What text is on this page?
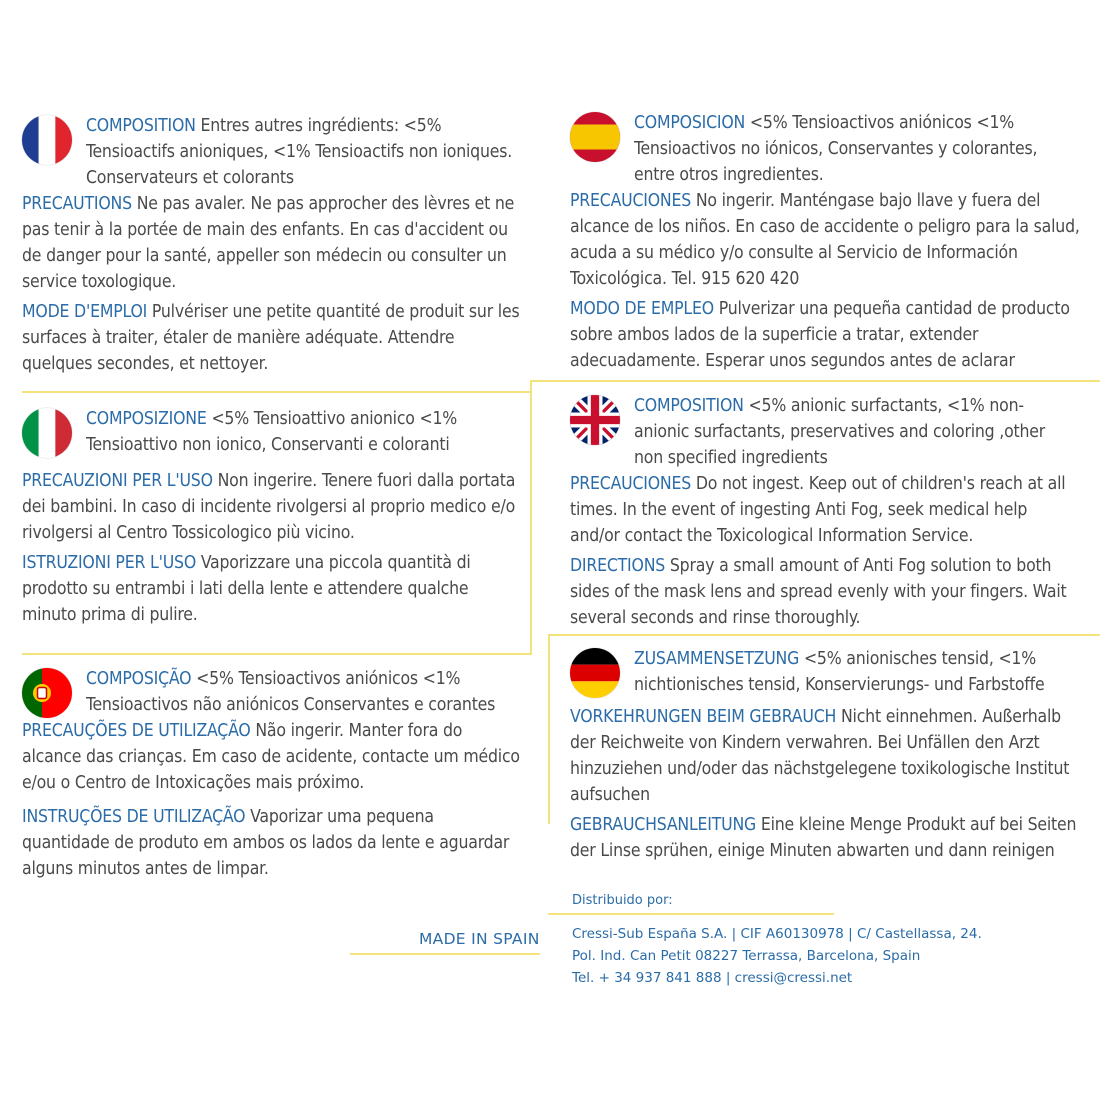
COMPOSITION Entres autres ingrédients: <5% Tensioactifs anioniques, <1% Tensioactifs non ioniques. Conservateurs et colorants

PRECAUTIONS Ne pas avaler. Ne pas approcher des lèvres et ne pas tenir à la portée de main des enfants. En cas d'accident ou de danger pour la santé, appeller son médecin ou consulter un service toxologique.

MODE D'EMPLOI Pulvériser une petite quantité de produit sur les surfaces à traiter, étaler de manière adéquate. Attendre quelques secondes, et nettoyer.

COMPOSICION <5% Tensioactivos aniónicos <1% Tensioactivos no iónicos, Conservantes y colorantes, entre otros ingredientes.

PRECAUCIONES No ingerir. Manténgase bajo llave y fuera del alcance de los niños. En caso de accidente o peligro para la salud, acuda a su médico y/o consulte al Servicio de Información Toxicológica. Tel. 915 620 420

MODO DE EMPLEO Pulverizar una pequeña cantidad de producto sobre ambos lados de la superficie a tratar, extender adecuadamente. Esperar unos segundos antes de aclarar

COMPOSIZIONE <5% Tensioattivo anionico <1% Tensioattivo non ionico, Conservanti e coloranti

PRECAUZIONI PER L'USO Non ingerire. Tenere fuori dalla portata dei bambini. In caso di incidente rivolgersi al proprio medico e/o rivolgersi al Centro Tossicologico più vicino.

ISTRUZIONI PER L'USO Vaporizzare una piccola quantità di prodotto su entrambi i lati della lente e attendere qualche minuto prima di pulire.

COMPOSITION <5% anionic surfactants, <1% non-anionic surfactants, preservatives and coloring ,other non specified ingredients

PRECAUCIONES Do not ingest. Keep out of children's reach at all times. In the event of ingesting Anti Fog, seek medical help and/or contact the Toxicological Information Service.

DIRECTIONS Spray a small amount of Anti Fog solution to both sides of the mask lens and spread evenly with your fingers. Wait several seconds and rinse thoroughly.

COMPOSIÇÃO <5% Tensioactivos aniónicos <1% Tensioactivos não aniónicos Conservantes e corantes

PRECAUÇÕES DE UTILIZAÇÃO Não ingerir. Manter fora do alcance das crianças. Em caso de acidente, contacte um médico e/ou o Centro de Intoxicações mais próximo.

INSTRUÇÕES DE UTILIZAÇÃO Vaporizar uma pequena quantidade de produto em ambos os lados da lente e aguardar alguns minutos antes de limpar.

ZUSAMMENSETZUNG <5% anionisches tensid, <1% nichtionisches tensid, Konservierungs- und Farbstoffe

VORKEHRUNGEN BEIM GEBRAUCH Nicht einnehmen. Außerhalb der Reichweite von Kindern verwahren. Bei Unfällen den Arzt hinzuziehen und/oder das nächstgelegene toxikologische Institut aufsuchen

GEBRAUCHSANLEITUNG Eine kleine Menge Produkt auf bei Seiten der Linse sprühen, einige Minuten abwarten und dann reinigen

MADE IN SPAIN
Distribuido por:
Cressi-Sub España S.A. | CIF A60130978 | C/ Castellassa, 24.
Pol. Ind. Can Petit 08227 Terrassa, Barcelona, Spain
Tel. + 34 937 841 888 | cressi@cressi.net
